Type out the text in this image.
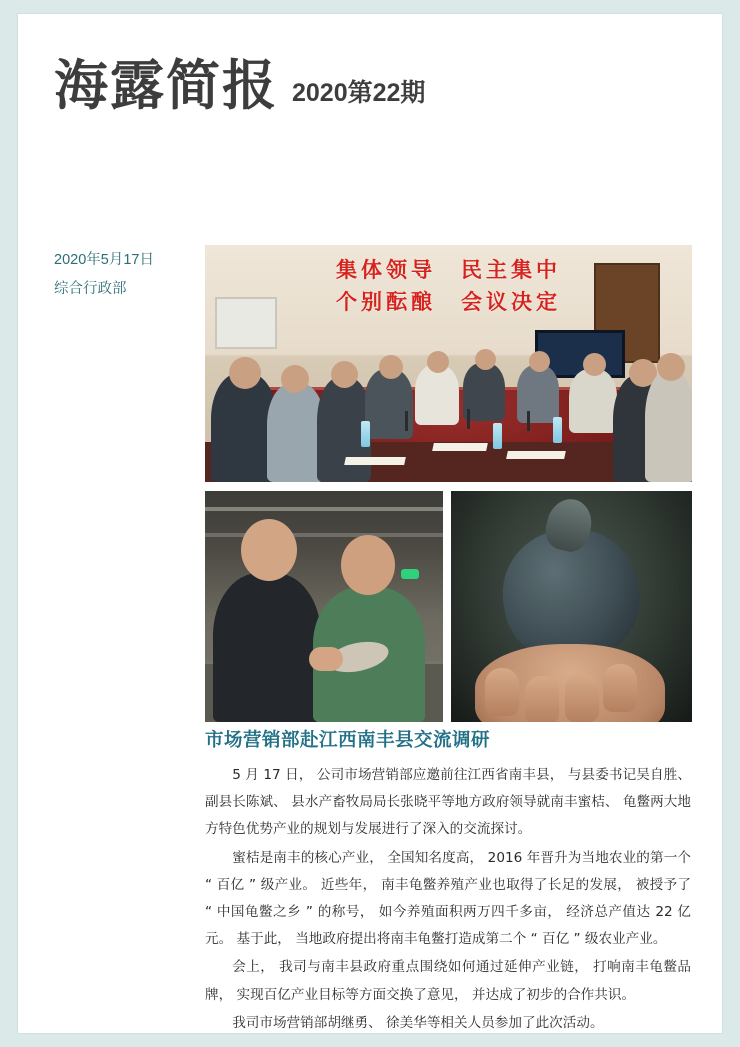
海露简报 2020第22期
2020年5月17日
综合行政部
集体领导　民主集中
个别酝酿　会议决定
市场营销部赴江西南丰县交流调研

5 月 17 日， 公司市场营销部应邀前往江西省南丰县， 与县委书记吴自胜、 副县长陈斌、 县水产畜牧局局长张晓平等地方政府领导就南丰蜜桔、 龟鳖两大地方特色优势产业的规划与发展进行了深入的交流探讨。

蜜桔是南丰的核心产业， 全国知名度高， 2016 年晋升为当地农业的第一个 “ 百亿 ” 级产业。 近些年， 南丰龟鳖养殖产业也取得了长足的发展， 被授予了 “ 中国龟鳖之乡 ” 的称号， 如今养殖面积两万四千多亩， 经济总产值达 22 亿元。 基于此， 当地政府提出将南丰龟鳖打造成第二个 “ 百亿 ” 级农业产业。

会上， 我司与南丰县政府重点围绕如何通过延伸产业链， 打响南丰龟鳖品牌， 实现百亿产业目标等方面交换了意见， 并达成了初步的合作共识。

我司市场营销部胡继勇、 徐美华等相关人员参加了此次活动。
